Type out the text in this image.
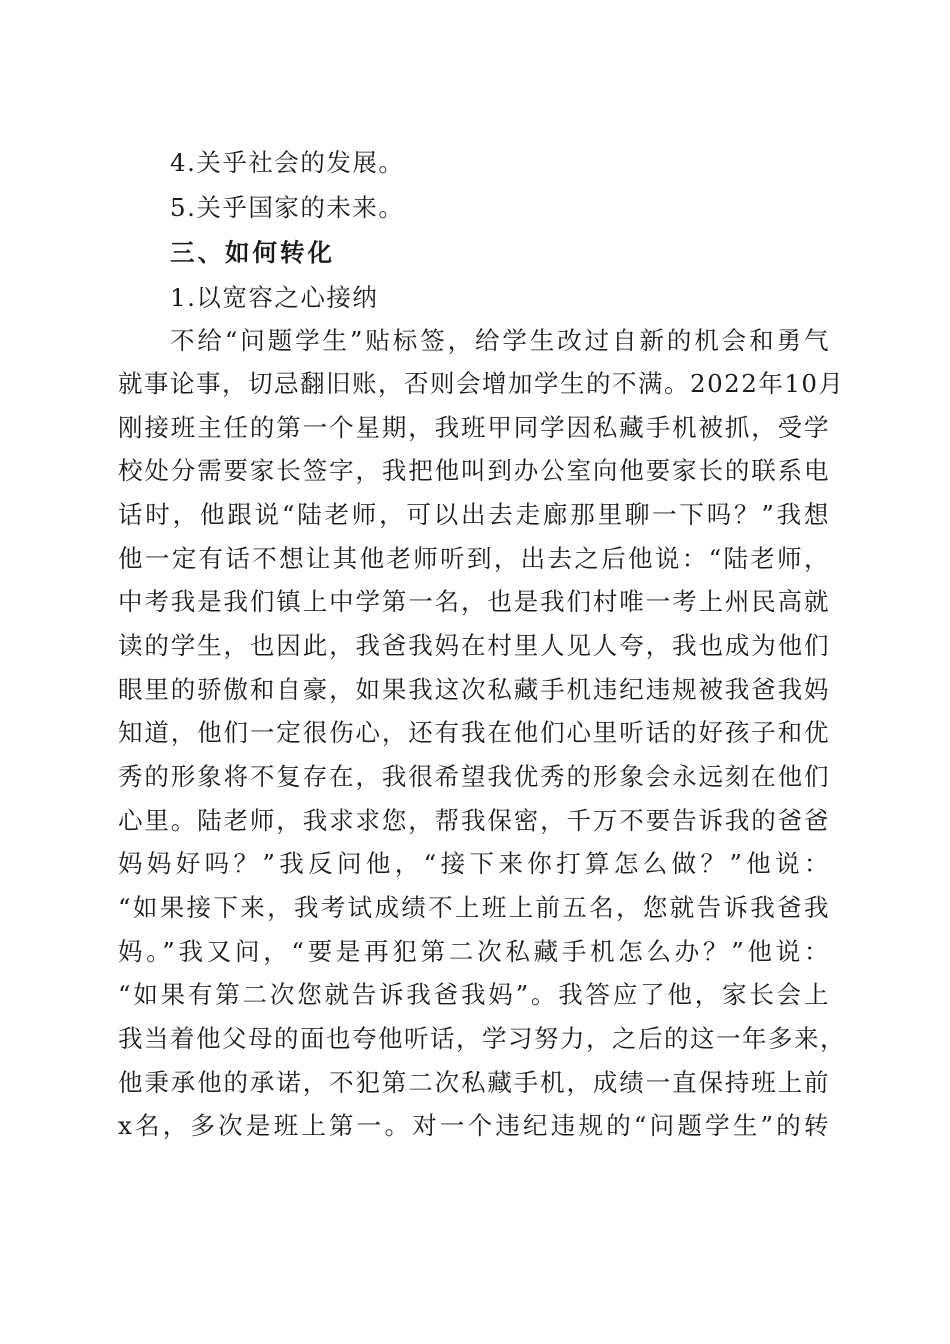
4.关乎社会的发展。
5.关乎国家的未来。
三、如何转化
1.以宽容之心接纳
不给“问题学生”贴标签，给学生改过自新的机会和勇气
就事论事，切忌翻旧账，否则会增加学生的不满。2022年10月
刚接班主任的第一个星期，我班甲同学因私藏手机被抓，受学
校处分需要家长签字，我把他叫到办公室向他要家长的联系电
话时，他跟说“陆老师，可以出去走廊那里聊一下吗？”我想
他一定有话不想让其他老师听到，出去之后他说：“陆老师，
中考我是我们镇上中学第一名，也是我们村唯一考上州民高就
读的学生，也因此，我爸我妈在村里人见人夸，我也成为他们
眼里的骄傲和自豪，如果我这次私藏手机违纪违规被我爸我妈
知道，他们一定很伤心，还有我在他们心里听话的好孩子和优
秀的形象将不复存在，我很希望我优秀的形象会永远刻在他们
心里。陆老师，我求求您，帮我保密，千万不要告诉我的爸爸
妈妈好吗？”我反问他，“接下来你打算怎么做？”他说：
“如果接下来，我考试成绩不上班上前五名，您就告诉我爸我
妈。”我又问，“要是再犯第二次私藏手机怎么办？”他说：
“如果有第二次您就告诉我爸我妈”。我答应了他，家长会上
我当着他父母的面也夸他听话，学习努力，之后的这一年多来，
他秉承他的承诺，不犯第二次私藏手机，成绩一直保持班上前
x名，多次是班上第一。对一个违纪违规的“问题学生”的转
